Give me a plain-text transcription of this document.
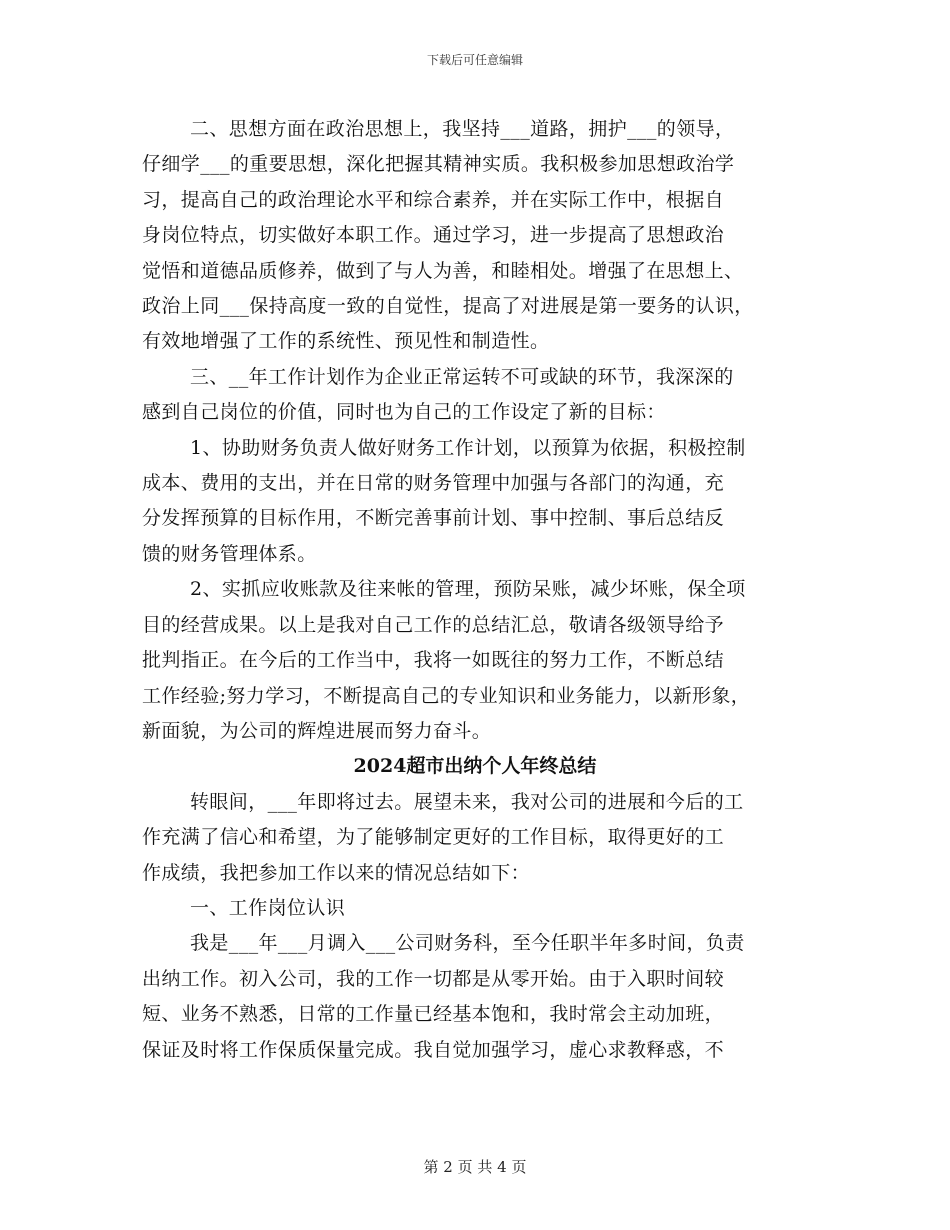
下载后可任意编辑

二、思想方面在政治思想上，我坚持___道路，拥护___的领导，
仔细学___的重要思想，深化把握其精神实质。我积极参加思想政治学
习，提高自己的政治理论水平和综合素养，并在实际工作中，根据自
身岗位特点，切实做好本职工作。通过学习，进一步提高了思想政治
觉悟和道德品质修养，做到了与人为善，和睦相处。增强了在思想上、
政治上同___保持高度一致的自觉性，提高了对进展是第一要务的认识，
有效地增强了工作的系统性、预见性和制造性。

三、__年工作计划作为企业正常运转不可或缺的环节，我深深的
感到自己岗位的价值，同时也为自己的工作设定了新的目标：

1、协助财务负责人做好财务工作计划，以预算为依据，积极控制
成本、费用的支出，并在日常的财务管理中加强与各部门的沟通，充
分发挥预算的目标作用，不断完善事前计划、事中控制、事后总结反
馈的财务管理体系。

2、实抓应收账款及往来帐的管理，预防呆账，减少坏账，保全项
目的经营成果。以上是我对自己工作的总结汇总，敬请各级领导给予
批判指正。在今后的工作当中，我将一如既往的努力工作，不断总结
工作经验;努力学习，不断提高自己的专业知识和业务能力，以新形象，
新面貌，为公司的辉煌进展而努力奋斗。

2024超市出纳个人年终总结

转眼间，___年即将过去。展望未来，我对公司的进展和今后的工
作充满了信心和希望，为了能够制定更好的工作目标，取得更好的工
作成绩，我把参加工作以来的情况总结如下：

一、工作岗位认识

我是___年___月调入___公司财务科，至今任职半年多时间，负责
出纳工作。初入公司，我的工作一切都是从零开始。由于入职时间较
短、业务不熟悉，日常的工作量已经基本饱和，我时常会主动加班，
保证及时将工作保质保量完成。我自觉加强学习，虚心求教释惑，不

第 2 页 共 4 页
